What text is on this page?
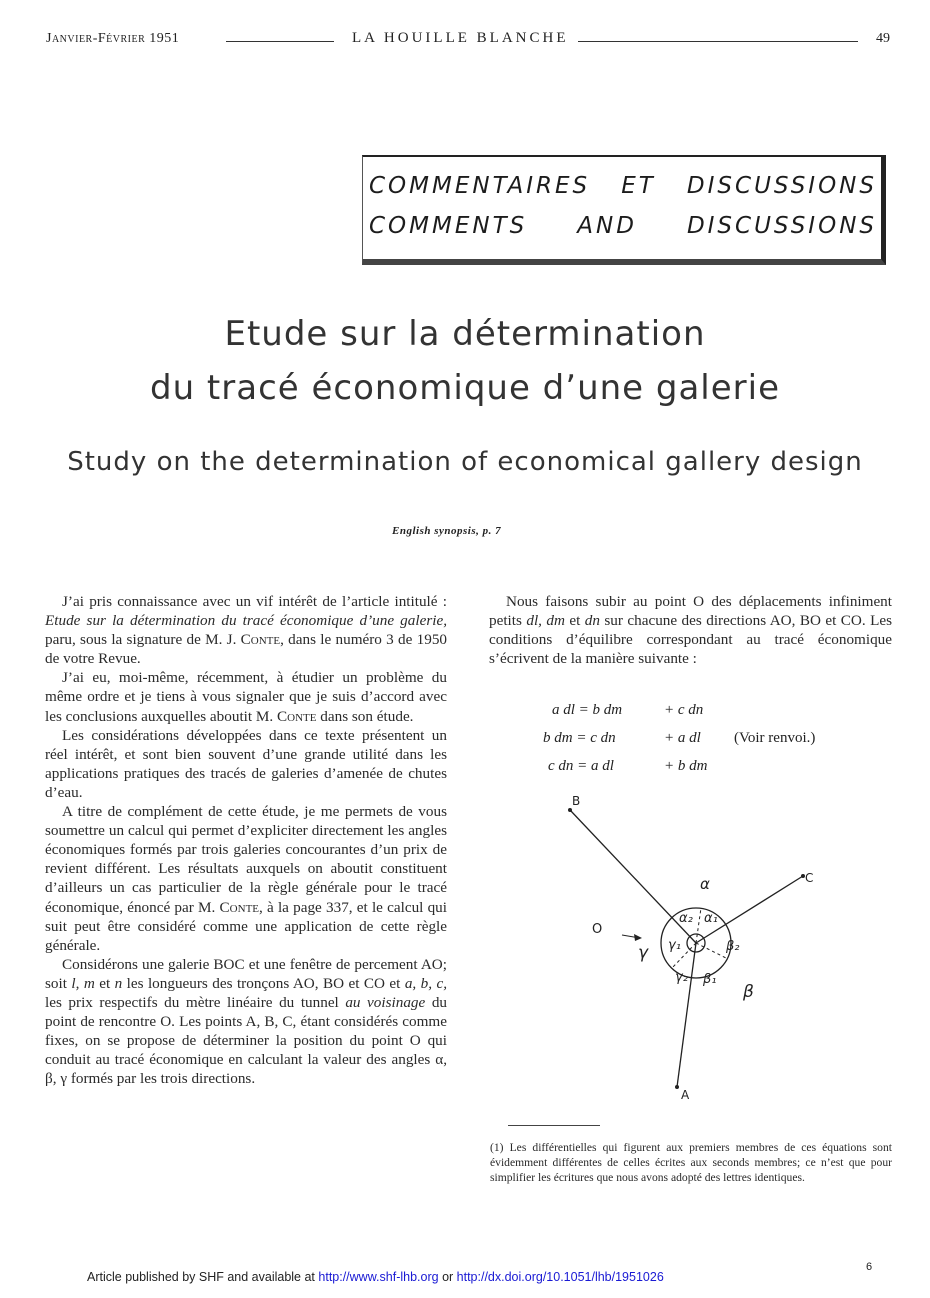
Janvier-Février 1951	LA HOUILLE BLANCHE	49
COMMENTAIRES ET DISCUSSIONS
COMMENTS AND DISCUSSIONS
Etude sur la détermination
du tracé économique d’une galerie
Study on the determination of economical gallery design
English synopsis, p. 7

J’ai pris connaissance avec un vif intérêt de l’article intitulé : Etude sur la détermination du tracé économique d’une galerie, paru, sous la signature de M. J. Conte, dans le numéro 3 de 1950 de votre Revue.

J’ai eu, moi-même, récemment, à étudier un problème du même ordre et je tiens à vous signaler que je suis d’accord avec les conclusions auxquelles aboutit M. Conte dans son étude.

Les considérations développées dans ce texte présentent un réel intérêt, et sont bien souvent d’une grande utilité dans les applications pratiques des tracés de galeries d’amenée de chutes d’eau.

A titre de complément de cette étude, je me permets de vous soumettre un calcul qui permet d’expliciter directement les angles économiques formés par trois galeries concourantes d’un prix de revient différent. Les résultats auxquels on aboutit constituent d’ailleurs un cas particulier de la règle générale pour le tracé économique, énoncé par M. Conte, à la page 337, et le calcul qui suit peut être considéré comme une application de cette règle générale.

Considérons une galerie BOC et une fenêtre de percement AO; soit l, m et n les longueurs des tronçons AO, BO et CO et a, b, c, les prix respectifs du mètre linéaire du tunnel au voisinage du point de rencontre O. Les points A, B, C, étant considérés comme fixes, on se propose de déterminer la position du point O qui conduit au tracé économique en calculant la valeur des angles α, β, γ formés par les trois directions.

Nous faisons subir au point O des déplacements infiniment petits dl, dm et dn sur chacune des directions AO, BO et CO. Les conditions d’équilibre correspondant au tracé économique s’écrivent de la manière suivante :

a dl = b dm	+ c dn
b dm = c dn	+ a dl (Voir renvoi.)
c dn = a dl	+ b dm
B
C
A
O
α
β
γ
α₂ α₁
β₂
β₁
γ₁
γ₂
(1) Les différentielles qui figurent aux premiers membres de ces équations sont évidemment différentes de celles écrites aux seconds membres; ce n’est que pour simplifier les écritures que nous avons adopté des lettres identiques.
Article published by SHF and available at http://www.shf-lhb.org or http://dx.doi.org/10.1051/lhb/1951026
6
